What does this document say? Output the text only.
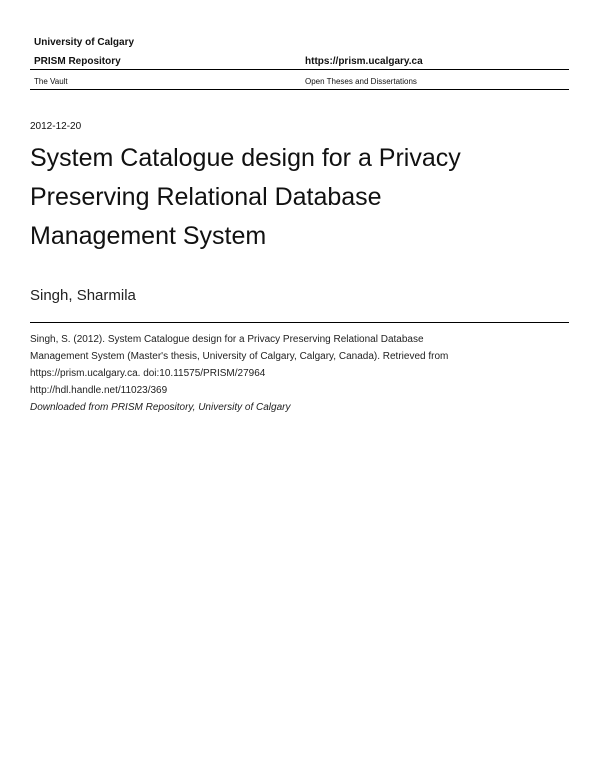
University of Calgary
PRISM Repository	https://prism.ucalgary.ca
The Vault	Open Theses and Dissertations
2012-12-20
System Catalogue design for a Privacy
Preserving Relational Database
Management System
Singh, Sharmila
Singh, S. (2012). System Catalogue design for a Privacy Preserving Relational Database
Management System (Master's thesis, University of Calgary, Calgary, Canada). Retrieved from
https://prism.ucalgary.ca. doi:10.11575/PRISM/27964
http://hdl.handle.net/11023/369
Downloaded from PRISM Repository, University of Calgary
